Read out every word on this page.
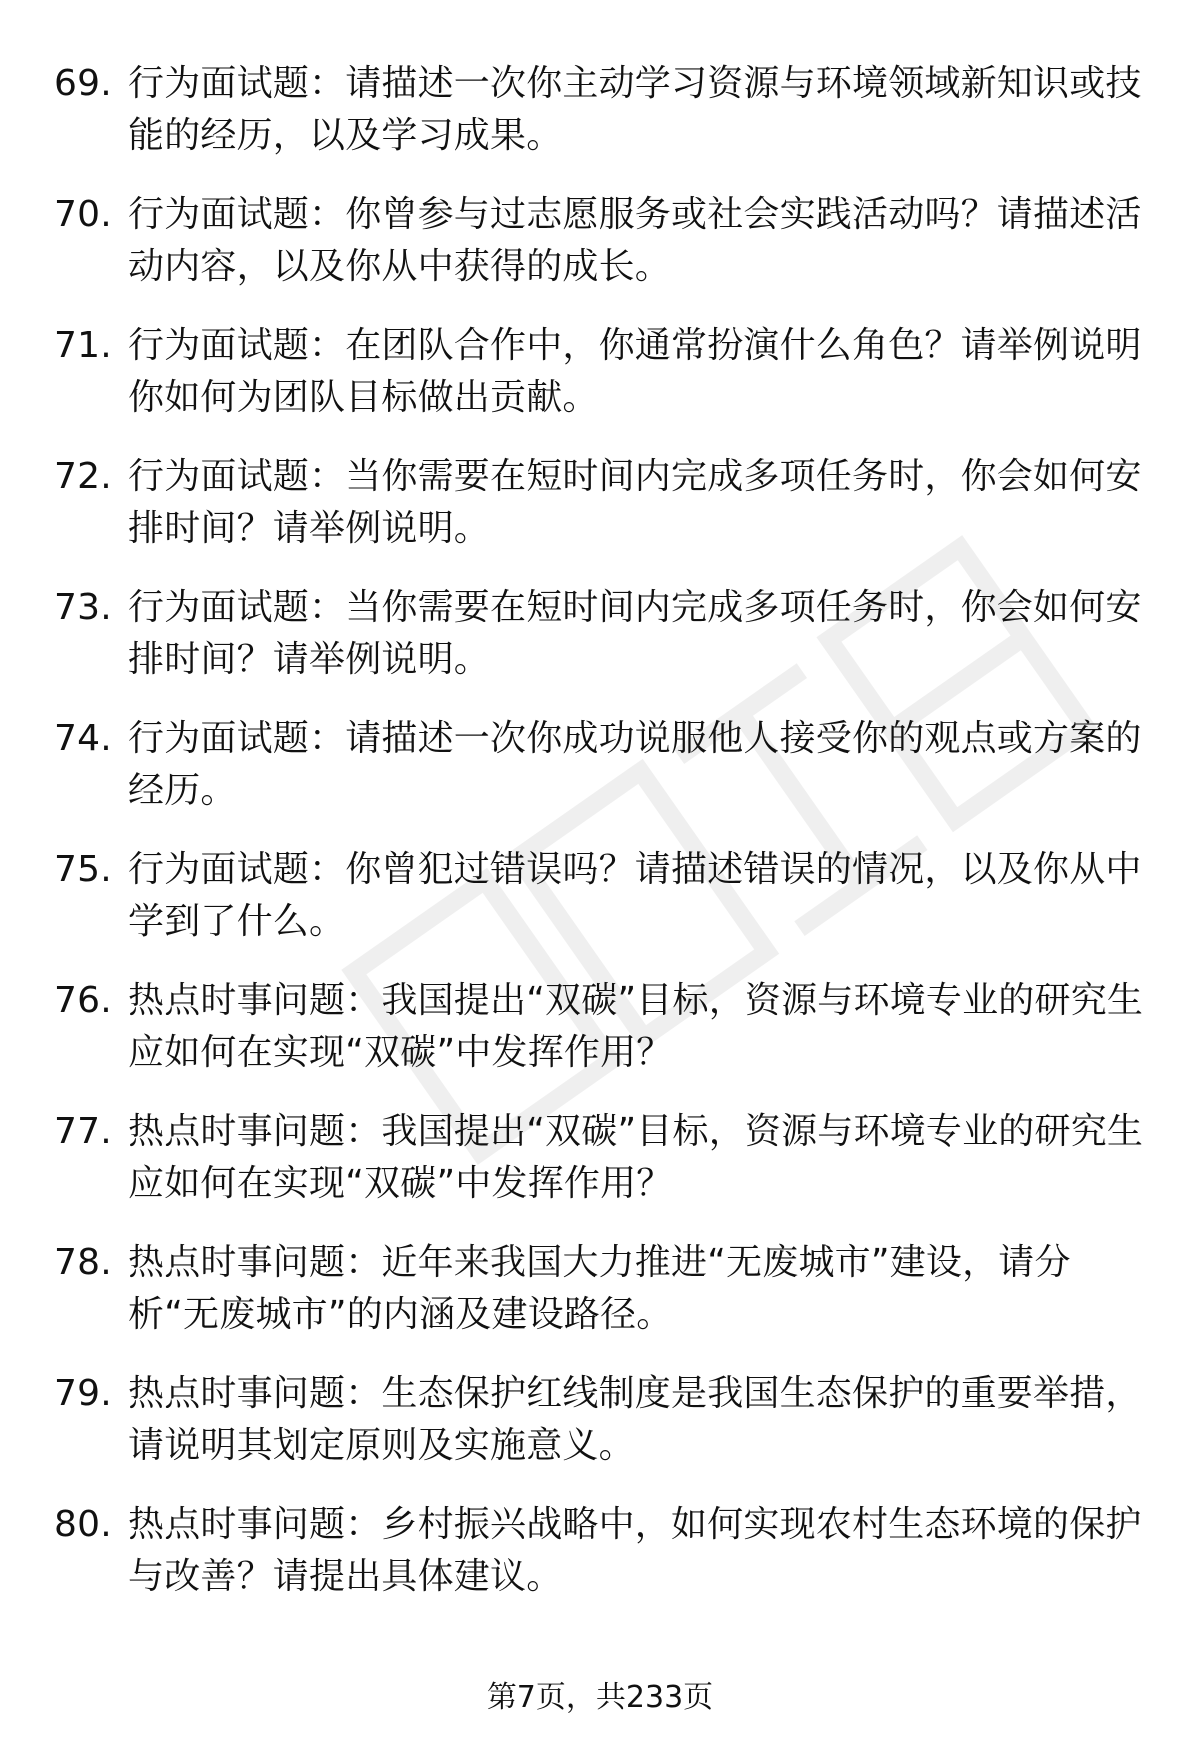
69. 行为面试题：请描述一次你主动学习资源与环境领域新知识或技能的经历，以及学习成果。
70. 行为面试题：你曾参与过志愿服务或社会实践活动吗？请描述活动内容，以及你从中获得的成长。
71. 行为面试题：在团队合作中，你通常扮演什么角色？请举例说明你如何为团队目标做出贡献。
72. 行为面试题：当你需要在短时间内完成多项任务时，你会如何安排时间？请举例说明。
73. 行为面试题：当你需要在短时间内完成多项任务时，你会如何安排时间？请举例说明。
74. 行为面试题：请描述一次你成功说服他人接受你的观点或方案的经历。
75. 行为面试题：你曾犯过错误吗？请描述错误的情况，以及你从中学到了什么。
76. 热点时事问题：我国提出“双碳”目标，资源与环境专业的研究生应如何在实现“双碳”中发挥作用？
77. 热点时事问题：我国提出“双碳”目标，资源与环境专业的研究生应如何在实现“双碳”中发挥作用？
78. 热点时事问题：近年来我国大力推进“无废城市”建设，请分析“无废城市”的内涵及建设路径。
79. 热点时事问题：生态保护红线制度是我国生态保护的重要举措，请说明其划定原则及实施意义。
80. 热点时事问题：乡村振兴战略中，如何实现农村生态环境的保护与改善？请提出具体建议。
第7页，共233页
